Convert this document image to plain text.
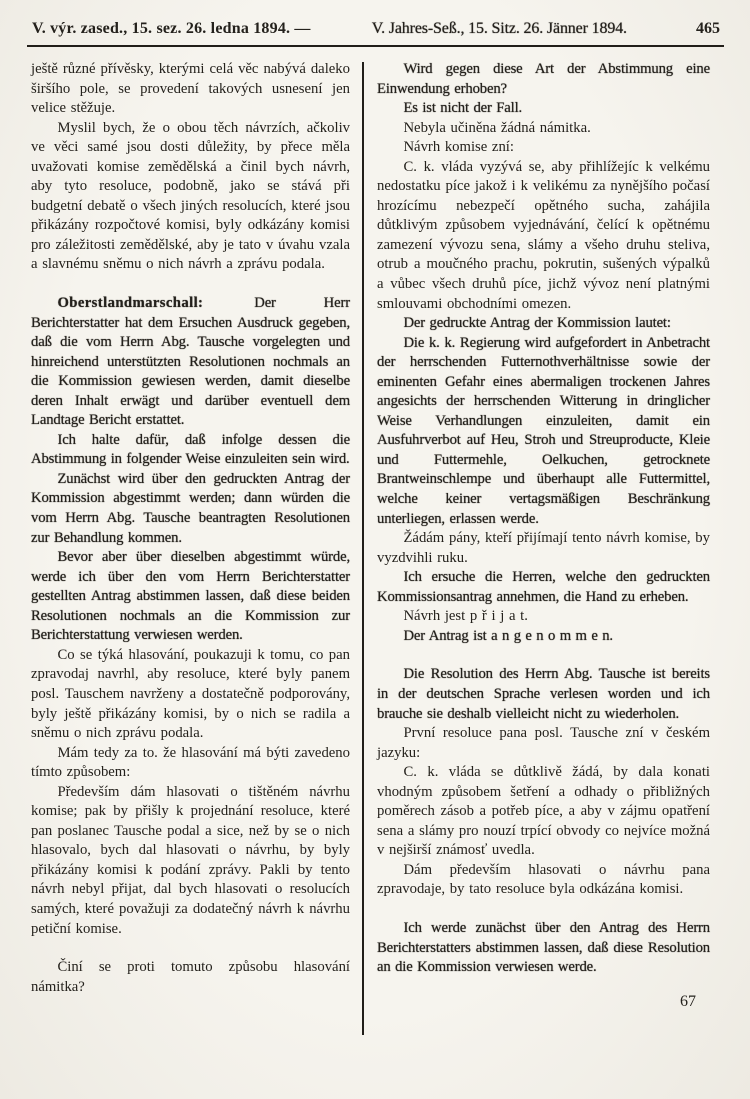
V. výr. zased., 15. sez. 26. ledna 1894. —	V. Jahres-Seß., 15. Sitz. 26. Jänner 1894.	465

ještě různé přívěsky, kterými celá věc nabývá daleko širšího pole, se provedení takových usnesení jen velice stěžuje.

Myslil bych, že o obou těch návrzích, ačkoliv ve věci samé jsou dosti důležity, by přece měla uvažovati komise zemědělská a činil bych návrh, aby tyto resoluce, podobně, jako se stává při budgetní debatě o všech jiných resolucích, které jsou přikázány rozpočtové komisi, byly odkázány komisi pro záležitosti zemědělské, aby je tato v úvahu vzala a slavnému sněmu o nich návrh a zprávu podala.

Oberstlandmarschall:	Der Herr Berichterstatter hat dem Ersuchen Ausdruck gegeben, daß die vom Herrn Abg. Tausche vorgelegten und hinreichend unterstützten Resolutionen nochmals an die Kommission gewiesen werden, damit dieselbe deren Inhalt erwägt und darüber eventuell dem Landtage Bericht erstattet.

Ich halte dafür, daß infolge dessen die Abstimmung in folgender Weise einzuleiten sein wird.

Zunächst wird über den gedruckten Antrag der Kommission abgestimmt werden; dann würden die vom Herrn Abg. Tausche beantragten Resolutionen zur Behandlung kommen.

Bevor aber über dieselben abgestimmt würde, werde ich über den vom Herrn Berichterstatter gestellten Antrag abstimmen lassen, daß diese beiden Resolutionen nochmals an die Kommission zur Berichterstattung verwiesen werden.

Co se týká hlasování, poukazuji k tomu, co pan zpravodaj navrhl, aby resoluce, které byly panem posl. Tauschem navrženy a dostatečně podporovány, byly ještě přikázány komisi, by o nich se radila a sněmu o nich zprávu podala.

Mám tedy za to. že hlasování má býti zavedeno tímto způsobem:

Především dám hlasovati o tištěném návrhu komise; pak by přišly k projednání resoluce, které pan poslanec Tausche podal a sice, než by se o nich hlasovalo, bych dal hlasovati o návrhu, by byly přikázány komisi k podání zprávy. Pakli by tento návrh nebyl přijat, dal bych hlasovati o resolucích samých, které považuji za dodatečný návrh k návrhu petiční komise.

Činí se proti tomuto způsobu hlasování námitka?

Wird gegen diese Art der Abstimmung eine Einwendung erhoben?

Es ist nicht der Fall.

Nebyla učiněna žádná námitka.

Návrh komise zní:

C. k. vláda vyzývá se, aby přihlížejíc k velkému nedostatku píce jakož i k velikému za nynějšího počasí hrozícímu nebezpečí opětného sucha, zahájila důtklivým způsobem vyjednávání, čelící k opětnému zamezení vývozu sena, slámy a všeho druhu steliva, otrub a moučného prachu, pokrutin, sušených výpalků a vůbec všech druhů píce, jichž vývoz není platnými smlouvami obchodními omezen.

Der gedruckte Antrag der Kommission lautet:

Die k. k. Regierung wird aufgefordert in Anbetracht der herrschenden Futternothverhältnisse sowie der eminenten Gefahr eines abermaligen trockenen Jahres angesichts der herrschenden Witterung in dringlicher Weise Verhandlungen einzuleiten, damit ein Ausfuhrverbot auf Heu, Stroh und Streuproducte, Kleie und Futtermehle, Oelkuchen, getrocknete Brantweinschlempe und überhaupt alle Futtermittel, welche keiner vertagsmäßigen Beschränkung unterliegen, erlassen werde.

Žádám pány, kteří přijímají tento návrh komise, by vyzdvihli ruku.

Ich ersuche die Herren, welche den gedruckten Kommissionsantrag annehmen, die Hand zu erheben.

Návrh jest p ř i j a t.

Der Antrag ist a n g e n o m m e n.

Die Resolution des Herrn Abg. Tausche ist bereits in der deutschen Sprache verlesen worden und ich brauche sie deshalb vielleicht nicht zu wiederholen.

První resoluce pana posl. Tausche zní v českém jazyku:

C. k. vláda se důtklivě žádá, by dala konati vhodným způsobem šetření a odhady o přibližných poměrech zásob a potřeb píce, a aby v zájmu opatření sena a slámy pro nouzí trpící obvody co nejvíce možná v nejširší známosť uvedla.

Dám především hlasovati o návrhu pana zpravodaje, by tato resoluce byla odkázána komisi.

Ich werde zunächst über den Antrag des Herrn Berichterstatters abstimmen lassen, daß diese Resolution an die Kommission verwiesen werde.

67
